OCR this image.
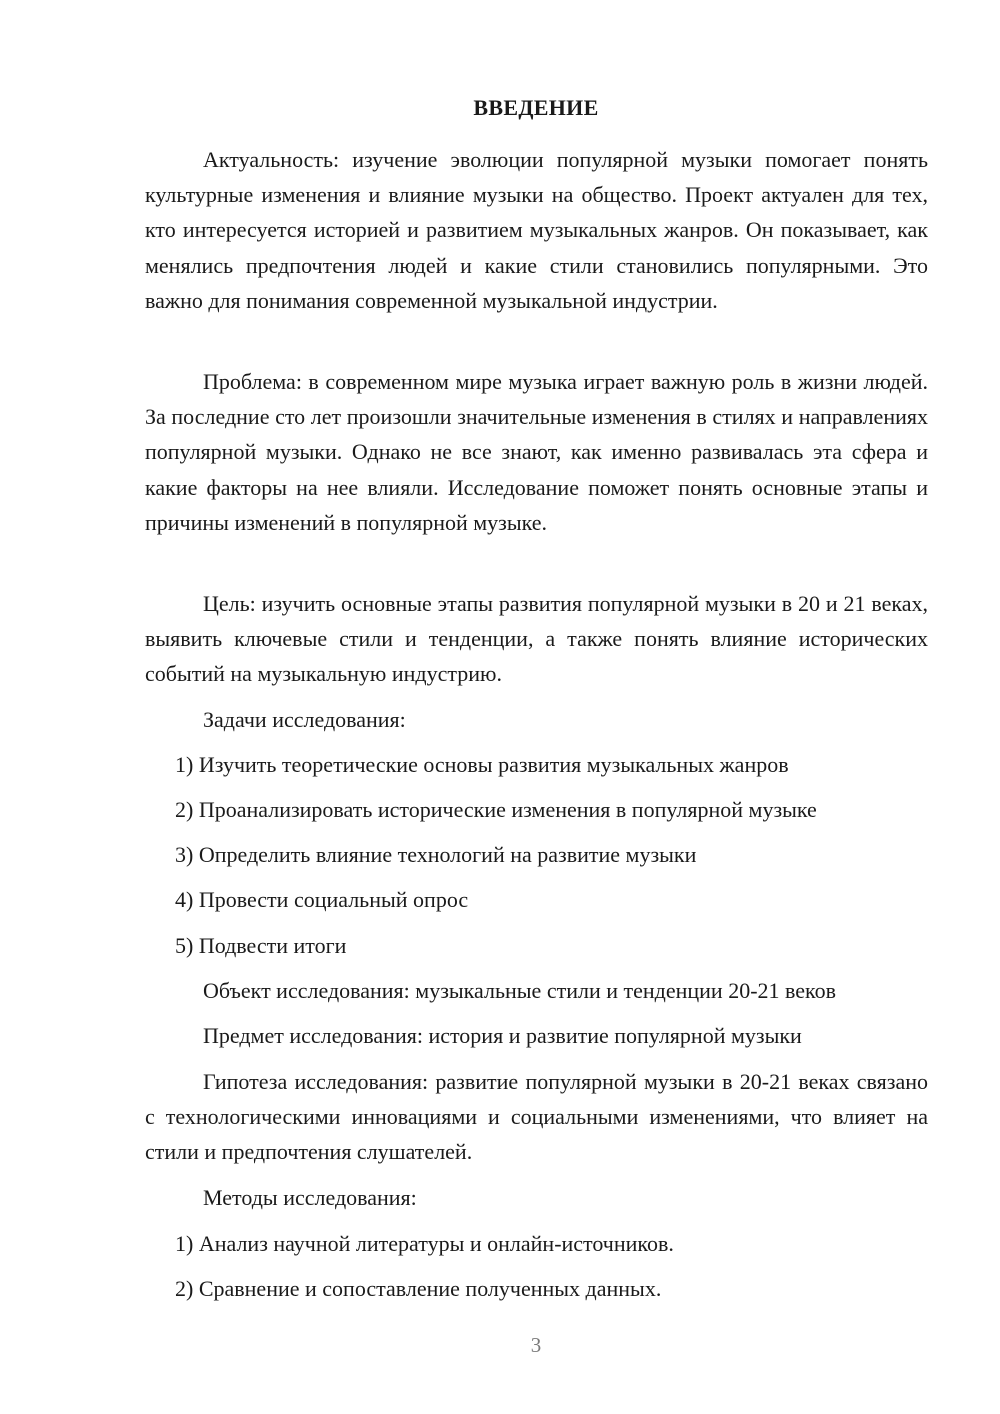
ВВЕДЕНИЕ

Актуальность: изучение эволюции популярной музыки помогает понять культурные изменения и влияние музыки на общество. Проект актуален для тех, кто интересуется историей и развитием музыкальных жанров. Он показывает, как менялись предпочтения людей и какие стили становились популярными. Это важно для понимания современной музыкальной индустрии.

Проблема: в современном мире музыка играет важную роль в жизни людей. За последние сто лет произошли значительные изменения в стилях и направлениях популярной музыки. Однако не все знают, как именно развивалась эта сфера и какие факторы на нее влияли. Исследование поможет понять основные этапы и причины изменений в популярной музыке.

Цель: изучить основные этапы развития популярной музыки в 20 и 21 веках, выявить ключевые стили и тенденции, а также понять влияние исторических событий на музыкальную индустрию.

Задачи исследования:
1) Изучить теоретические основы развития музыкальных жанров
2) Проанализировать исторические изменения в популярной музыке
3) Определить влияние технологий на развитие музыки
4) Провести социальный опрос
5) Подвести итоги
Объект исследования: музыкальные стили и тенденции 20-21 веков
Предмет исследования: история и развитие популярной музыки

Гипотеза исследования: развитие популярной музыки в 20-21 веках связано с технологическими инновациями и социальными изменениями, что влияет на стили и предпочтения слушателей.

Методы исследования:
1) Анализ научной литературы и онлайн-источников.
2) Сравнение и сопоставление полученных данных.
3
